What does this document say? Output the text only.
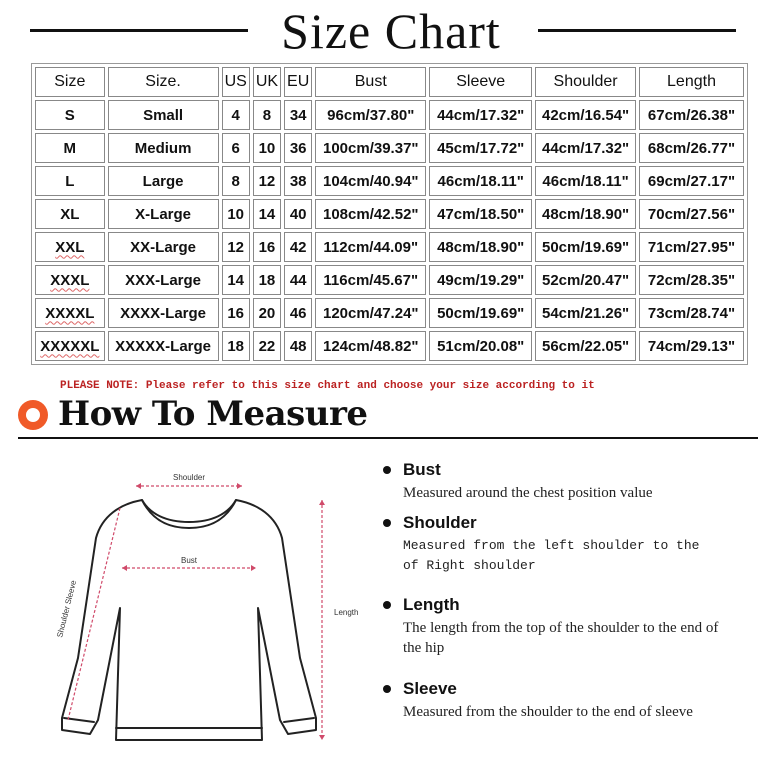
Size Chart
Size	Size.	US	UK	EU	Bust	Sleeve	Shoulder	Length
S	Small	4	8	34	96cm/37.80"	44cm/17.32"	42cm/16.54"	67cm/26.38"
M	Medium	6	10	36	100cm/39.37"	45cm/17.72"	44cm/17.32"	68cm/26.77"
L	Large	8	12	38	104cm/40.94"	46cm/18.11"	46cm/18.11"	69cm/27.17"
XL	X-Large	10	14	40	108cm/42.52"	47cm/18.50"	48cm/18.90"	70cm/27.56"
XXL	XX-Large	12	16	42	112cm/44.09"	48cm/18.90"	50cm/19.69"	71cm/27.95"
XXXL	XXX-Large	14	18	44	116cm/45.67"	49cm/19.29"	52cm/20.47"	72cm/28.35"
XXXXL	XXXX-Large	16	20	46	120cm/47.24"	50cm/19.69"	54cm/21.26"	73cm/28.74"
XXXXXL	XXXXX-Large	18	22	48	124cm/48.82"	51cm/20.08"	56cm/22.05"	74cm/29.13"
PLEASE NOTE: Please refer to this size chart and choose your size according to it
How To Measure
Shoulder
Bust
Length
Shoulder Sleeve
Bust
Measured around the chest position value
Shoulder
Measured from the left shoulder to the of Right shoulder
Length
The length from the top of the shoulder to the end of the hip
Sleeve
Measured from the shoulder to the end of sleeve
